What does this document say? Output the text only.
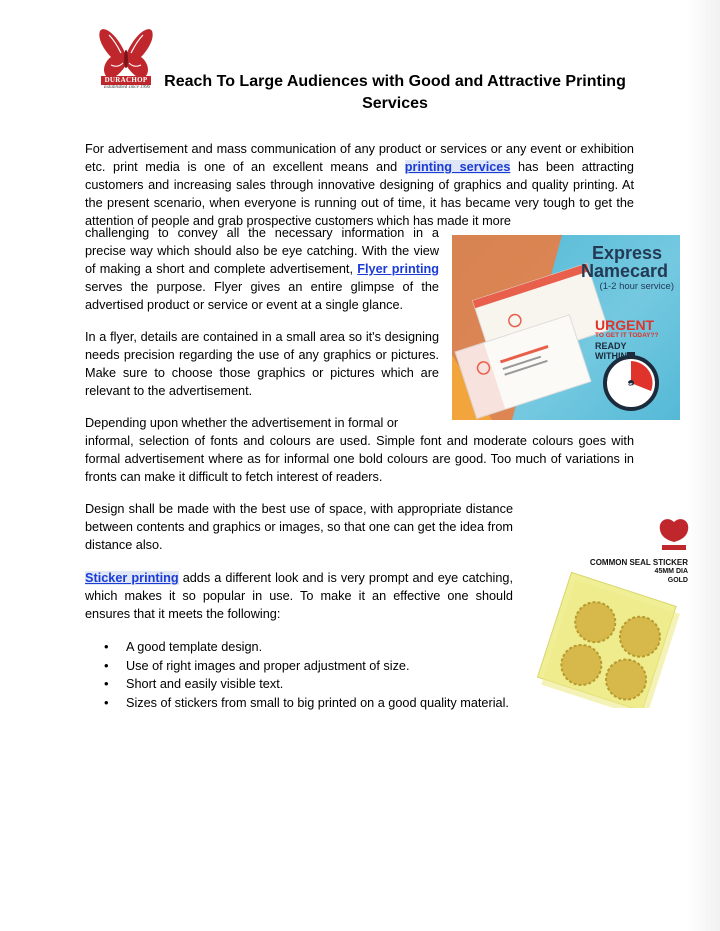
DURACHOP
Established since 1996 Reach To Large Audiences with Good and Attractive Printing
Services

For advertisement and mass communication of any product or services or any event or exhibition etc. print media is one of an excellent means and printing services has been attracting customers and increasing sales through innovative designing of graphics and quality printing. At the present scenario, when everyone is running out of time, it has became very tough to get the attention of people and grab prospective customers which has made it more

challenging to convey all the necessary information in a precise way which should also be eye catching. With the view of making a short and complete advertisement, Flyer printing serves the purpose. Flyer gives an entire glimpse of the advertised product or service or event at a single glance.

In a flyer, details are contained in a small area so it's designing needs precision regarding the use of any graphics or pictures. Make sure to choose those graphics or pictures which are relevant to the advertisement.

Depending upon whether the advertisement in formal or

informal, selection of fonts and colours are used. Simple font and moderate colours goes with formal advertisement where as for informal one bold colours are good. Too much of variations in fronts can make it difficult to fetch interest of readers.

Design shall be made with the best use of space, with appropriate distance between contents and graphics or images, so that one can get the idea from distance also.

Sticker printing adds a different look and is very prompt and eye catching, which makes it so popular in use. To make it an effective one should ensures that it meets the following:

• A good template design.
• Use of right images and proper adjustment of size.
• Short and easily visible text.
• Sizes of stickers from small to big printed on a good quality material.
Express
Namecard
(1-2 hour service)
URGENT
TO GET IT TODAY??
READY
WITHIN
1-2 hrs
COMMON SEAL STICKER
45MM DIA
GOLD
